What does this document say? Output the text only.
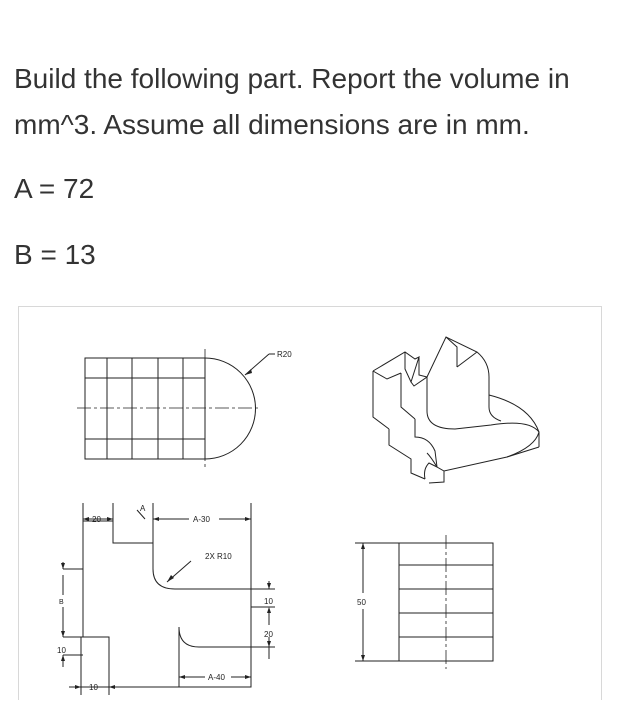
Build the following part. Report the volume in mm^3. Assume all dimensions are in mm.
A = 72
B = 13
R20
20
A
A-30
2X R10
B	10
20
10
10
A-40
50
